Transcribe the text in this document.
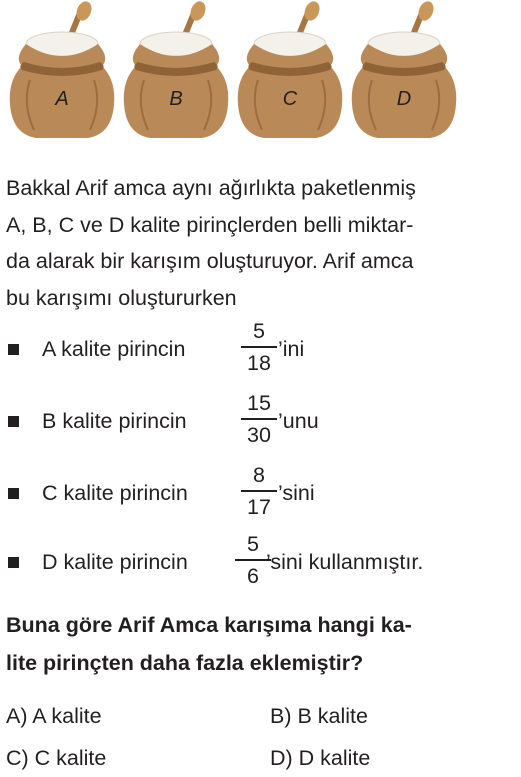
A	B	C	D

Bakkal Arif amca aynı ağırlıkta paketlenmiş
A, B, C ve D kalite pirinçlerden belli miktar-
da alarak bir karışım oluşturuyor. Arif amca
bu karışımı oluştururken

A kalite pirincin
5
18
’ini
B kalite pirincin
15
30
’unu
C kalite pirincin
8
17
’sini
D kalite pirincin
5
6
’sini kullanmıştır.

Buna göre Arif Amca karışıma hangi ka-
lite pirinçten daha fazla eklemiştir?

A) A kalite	B) B kalite
C) C kalite	D) D kalite
